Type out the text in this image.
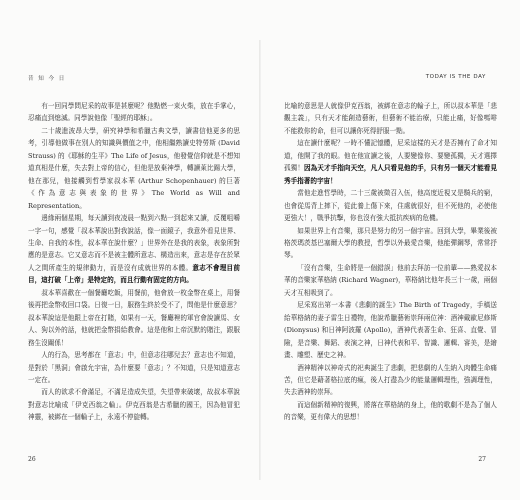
昔 知 今 日

有一回同學問尼采的故事是甚麼呢？他點燃一束火柴，放在手掌心，忍痛直到熄滅。同學說他像「聖經的耶穌」。

二十歲進波昂大學，研究神學和希臘古典文學，讀書信他更多的思考，引導他做事在別人的知識與價值之中，他相繼熟讀史特勞斯 (David Strauss) 的《耶穌的生平》The Life of Jesus，他發覺信仰就是不想知道真相是什麼，失去對上帝的信心，但他是放棄神學，轉讀萊比錫大學，他在那兒，他接觸到哲學家叔本華 (Arthur Schopenhauer) 的巨著《作為意志與表象的世界》The World as Will and Representation。

邊緣兩個星期，每天讀到夜凌晨一點到六點一到起來又讀，反覆咀嚼一字一句，感覺「叔本華說出對我說話，像一面鏡子，我意外看見世界、生命、自我的本性，叔本華在說什麼？」世界外在是我的表象，表象所對應的是意志。它又意志而不是被主體所意志、構造出來，意志是存在於眾人之間所產生的規律動力，而是沒有成就世界的本體。意志不會理目前目，這打破「上帝」是特定的，而且行動有固定的方向。

叔本華喜歡在一個餐廳吃飯，用餐前，他會放一枚金幣在桌上，用餐後再把金幣收回口袋。日復一日，服務生終於受不了，問他是什麼意思？叔本華說這是他跟上帝在打賭，如果有一天，餐廳裡的軍官會說讀馬、女人、狗以外的話，他就把金幣捐給教會。這是他和上帝沉默的賭注，跟服務生沒關係！

人的行為，思考都在「意志」中，但意志往哪兒去？意志也不知道，是對於「黑洞」會啟允宇宙，為什麼要「意志」？不知道，只是知道意志一定在。

而人的欲求不會滿足，不滿足造成失望，失望帶來破壞，故叔本華說對意志比喻成「伊克西翁之輪」。伊克西翁是古希臘的國王，因為他冒犯神靈，被綁在一個輪子上，永遠不停旋轉。

26
TODAY IS THE DAY

比喻的意思是人就像伊克西翁，被綁在意志的輪子上，所以叔本華是「悲觀主義」，只有天才能創造藝術，但藝術不能治療，只能止痛，好像嗎啡不能救你的命，但可以讓你死得舒服一點。

這在讀什麼呢？一時不懂記憶體，尼采這樣的天才是否擁有了命才知道，他開了我的眼。他在他宣讀之後，人要變像你、要變孤獨，天才選擇孤獨！因為天才手指向天空，凡人只看見他的手，只有另一個天才能看見秀手指著的宇宙！

當他走進哲學時，二十三歲被徵召入伍，他高度近視又是騎兵的窮，也會從馬背上摔下，從此養上傷下來，住處就很好，但不死他的，必使他更強大！，戰爭抗擊，你也沒有強大抵抗疾病的危機。

如果世界上有音樂，那只是努力的另一個宇宙。回到大學，畢業後被格茨瑪茨基巴塞爾大學的教授，哲學以外最愛音樂，他能彈鋼琴，常常抒琴。

「沒有音樂，生命將是一個錯誤」他前去拜訪一位前輩——熟愛叔本華的音樂家華格納 (Richard Wagner)，華格納比他年長三十一歲，兩個天才互相吸到了。

尼采寫出第一本書《悲劇的誕生》The Birth of Tragedy，手稿送給華格納的妻子雷生日禮物，他說希臘藝術崇拜兩位神：酒神戴歐尼修斯 (Dionysus) 和日神阿波羅 (Apollo)，酒神代表著生命、狂喜、直覺、冒險，是音樂、舞蹈、表演之神，日神代表和平、智識、邏輯、審美，是繪畫、雕塑、歷史之神。

酒神精神以神奇式的祀典誕生了悲劇，把悲劇的人生納入肉體生命痛苦，但它是藉著格拉底的瘋，後人打盡為少的能量邏輯理性，強調理性，失去酒神的崇拜。

而這個新精神的復興，將落在華格納的身上，他的歌劇不是為了個人的音樂，更有偉大的思想！

27
